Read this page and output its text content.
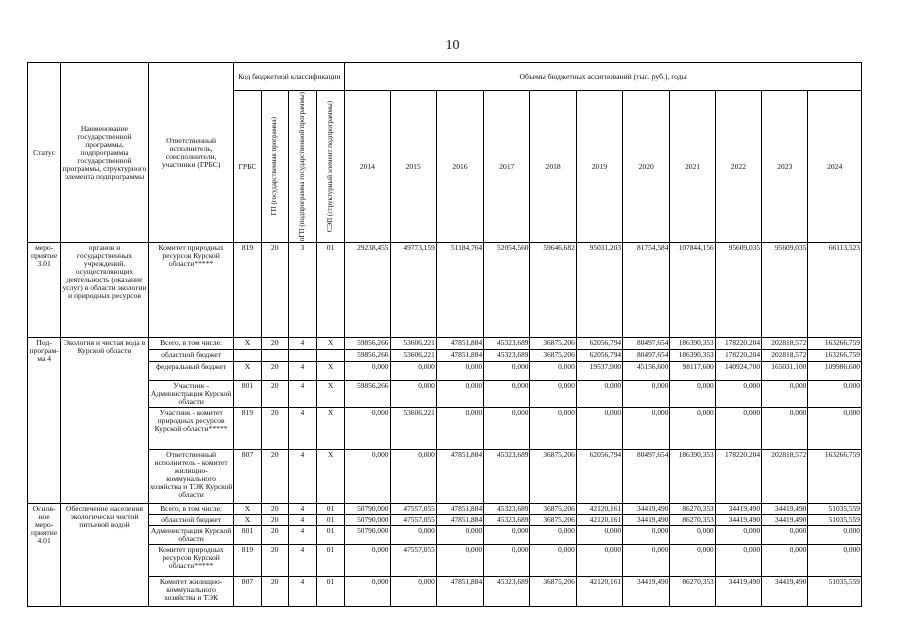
10
Статус	Наименование государственной программы, подпрограммы государственной программы, структурного элемента подпрограммы	Ответственный исполнитель, соисполнители, участники (ГРБС)	Код бюджетной классификации				Объемы бюджетных ассигнований (тыс. руб.), годы										
			ГРБС	ГП (государственная программа)	пГП (подпрограмма государственной программы)	СЭП (структурный элемент подпрограммы)	2014	2015	2016	2017	2018	2019	2020	2021	2022	2023	2024
меро-приятие 3.01	органов и государственных учреждений, осуществляющих деятельность (оказание услуг) в области экологии и природных ресурсов	Комитет природных ресурсов Курской области*****	819	20	3	01	29238,455	49773,159	51184,764	52054,560	59646,682	95031,203	81754,584	107844,156	95609,035	95609,035	66113,523
Под-програм-ма 4	Экология и чистая вода в Курской области	Всего, в том числе:	X	20	4	X	59856,266	53606,221	47851,884	45323,689	36875,206	62056,794	80497,654	186390,353	178220,204	202818,572	163266,759
		областной бюджет					59856,266	53606,221	47851,884	45323,689	36875,206	62056,794	80497,654	186390,353	178220,204	202818,572	163266,759
		федеральный бюджет	X	20	4	X	0,000	0,000	0,000	0,000	0,000	19537,900	45156,600	98117,600	140924,700	165031,100	109986,600
		Участник - Администрация Курской области	801	20	4	X	59856,266	0,000	0,000	0,000	0,000	0,000	0,000	0,000	0,000	0,000	0,000
		Участник - комитет природных ресурсов Курской области*****	819	20	4	X	0,000	53606,221	0,000	0,000	0,000	0,000	0,000	0,000	0,000	0,000	0,000
		Ответственный исполнитель - комитет жилищно-коммунального хозяйства и ТЭК Курской области	807	20	4	X	0,000	0,000	47851,884	45323,689	36875,206	62056,794	80497,654	186390,353	178220,204	202818,572	163266,759
Основ-ное меро-приятие 4.01	Обеспечение населения экологически чистой питьевой водой	Всего, в том числе:	X	20	4	01	50790,000	47557,055	47851,884	45323,689	36875,206	42120,161	34419,490	86270,353	34419,490	34419,490	51035,559
		областной бюджет	X	20	4	01	50790,000	47557,055	47851,884	45323,689	36875,206	42120,161	34419,490	86270,353	34419,490	34419,490	51035,559
		Администрация Курской области	801	20	4	01	50790,000	0,000	0,000	0,000	0,000	0,000	0,000	0,000	0,000	0,000	0,000
		Комитет природных ресурсов Курской области*****	819	20	4	01	0,000	47557,055	0,000	0,000	0,000	0,000	0,000	0,000	0,000	0,000	0,000
		Комитет жилищно-коммунального хозяйства и ТЭК	807	20	4	01	0,000	0,000	47851,884	45323,689	36875,206	42120,161	34419,490	86270,353	34419,490	34419,490	51035,559
